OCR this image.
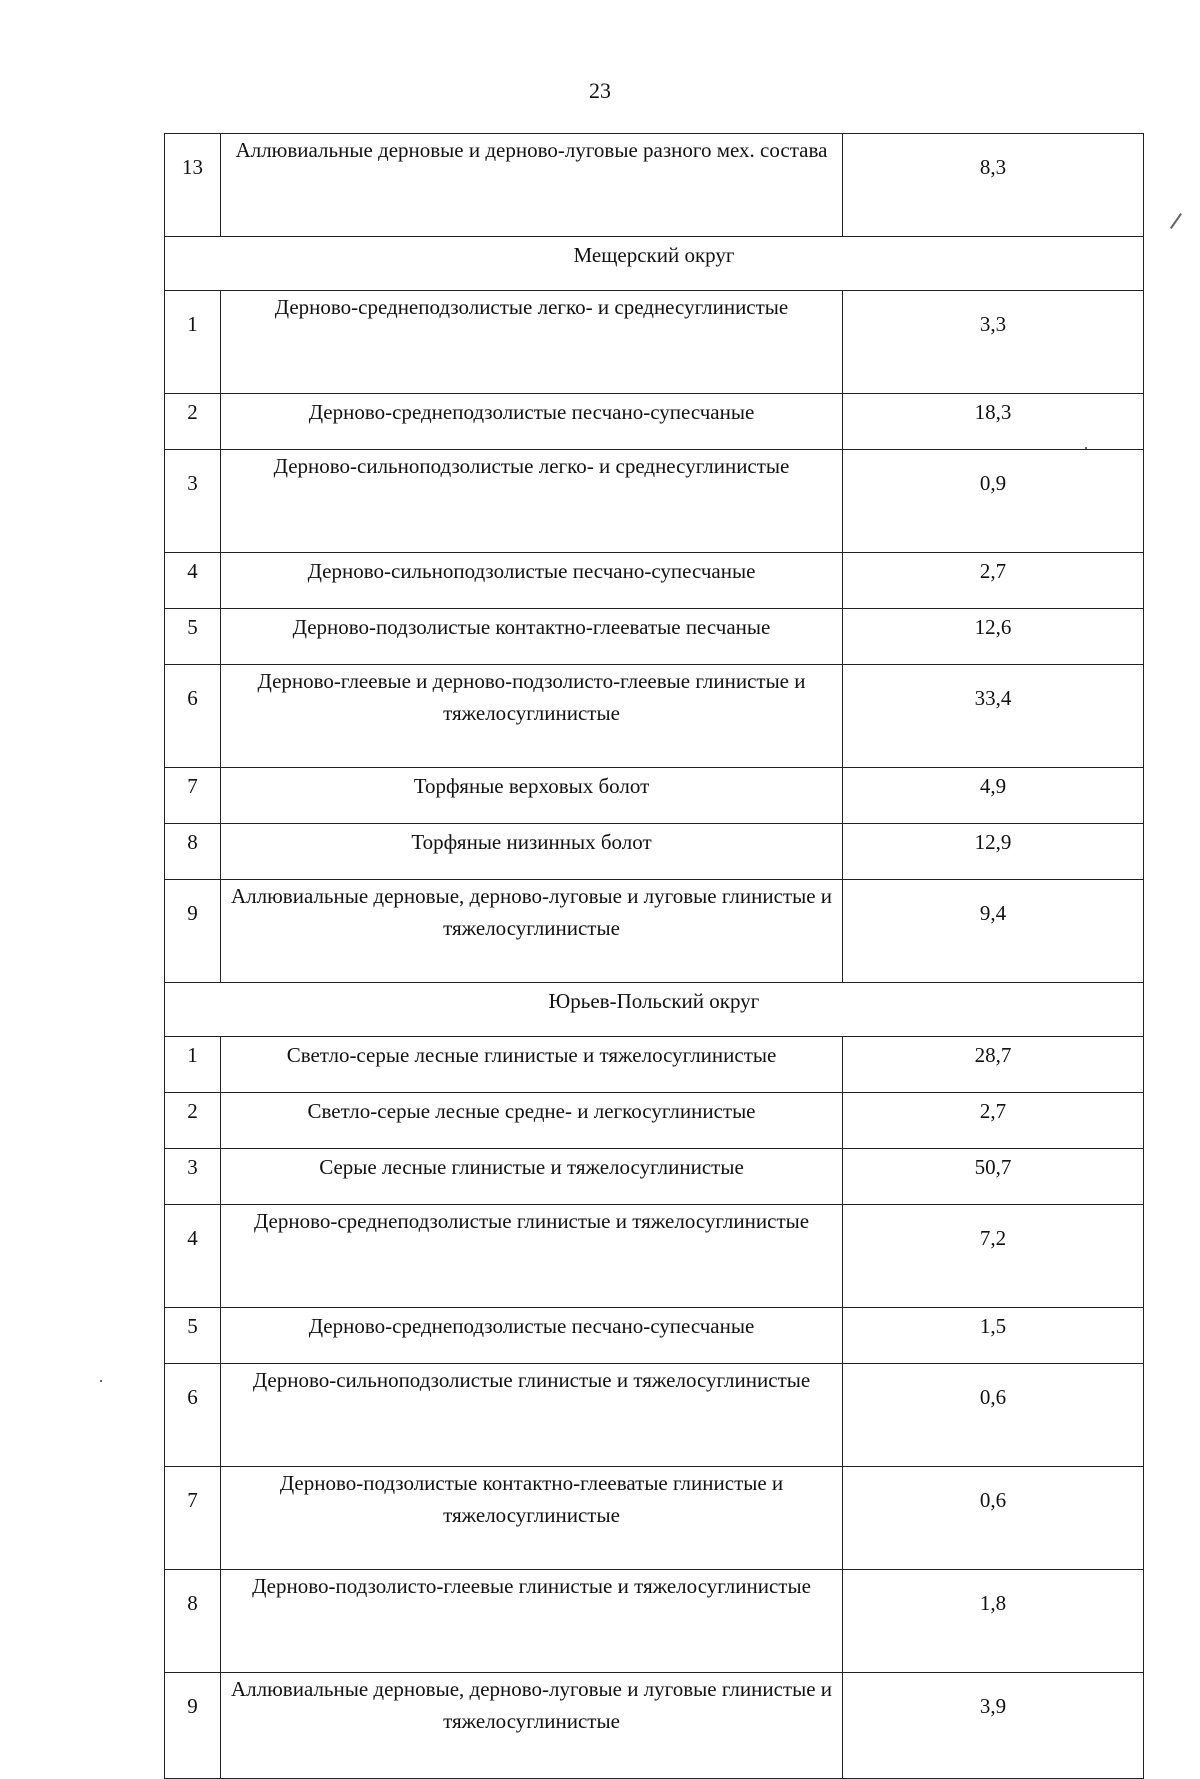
23
13	Аллювиальные дерновые и дерново-луговые разного мех. состава	8,3
Мещерский округ		
1	Дерново-среднеподзолистые легко- и среднесуглинистые	3,3
2	Дерново-среднеподзолистые песчано-супесчаные	18,3
3	Дерново-сильноподзолистые легко- и среднесуглинистые	0,9
4	Дерново-сильноподзолистые песчано-супесчаные	2,7
5	Дерново-подзолистые контактно-глееватые песчаные	12,6
6	Дерново-глеевые и дерново-подзолисто-глеевые глинистые и тяжелосуглинистые	33,4
7	Торфяные верховых болот	4,9
8	Торфяные низинных болот	12,9
9	Аллювиальные дерновые, дерново-луговые и луговые глинистые и тяжелосуглинистые	9,4
Юрьев-Польский округ		
1	Светло-серые лесные глинистые и тяжелосуглинистые	28,7
2	Светло-серые лесные средне- и легкосуглинистые	2,7
3	Серые лесные глинистые и тяжелосуглинистые	50,7
4	Дерново-среднеподзолистые глинистые и тяжелосуглинистые	7,2
5	Дерново-среднеподзолистые песчано-супесчаные	1,5
6	Дерново-сильноподзолистые глинистые и тяжелосуглинистые	0,6
7	Дерново-подзолистые контактно-глееватые глинистые и тяжелосуглинистые	0,6
8	Дерново-подзолисто-глеевые глинистые и тяжелосуглинистые	1,8
9	Аллювиальные дерновые, дерново-луговые и луговые глинистые и тяжелосуглинистые	3,9
